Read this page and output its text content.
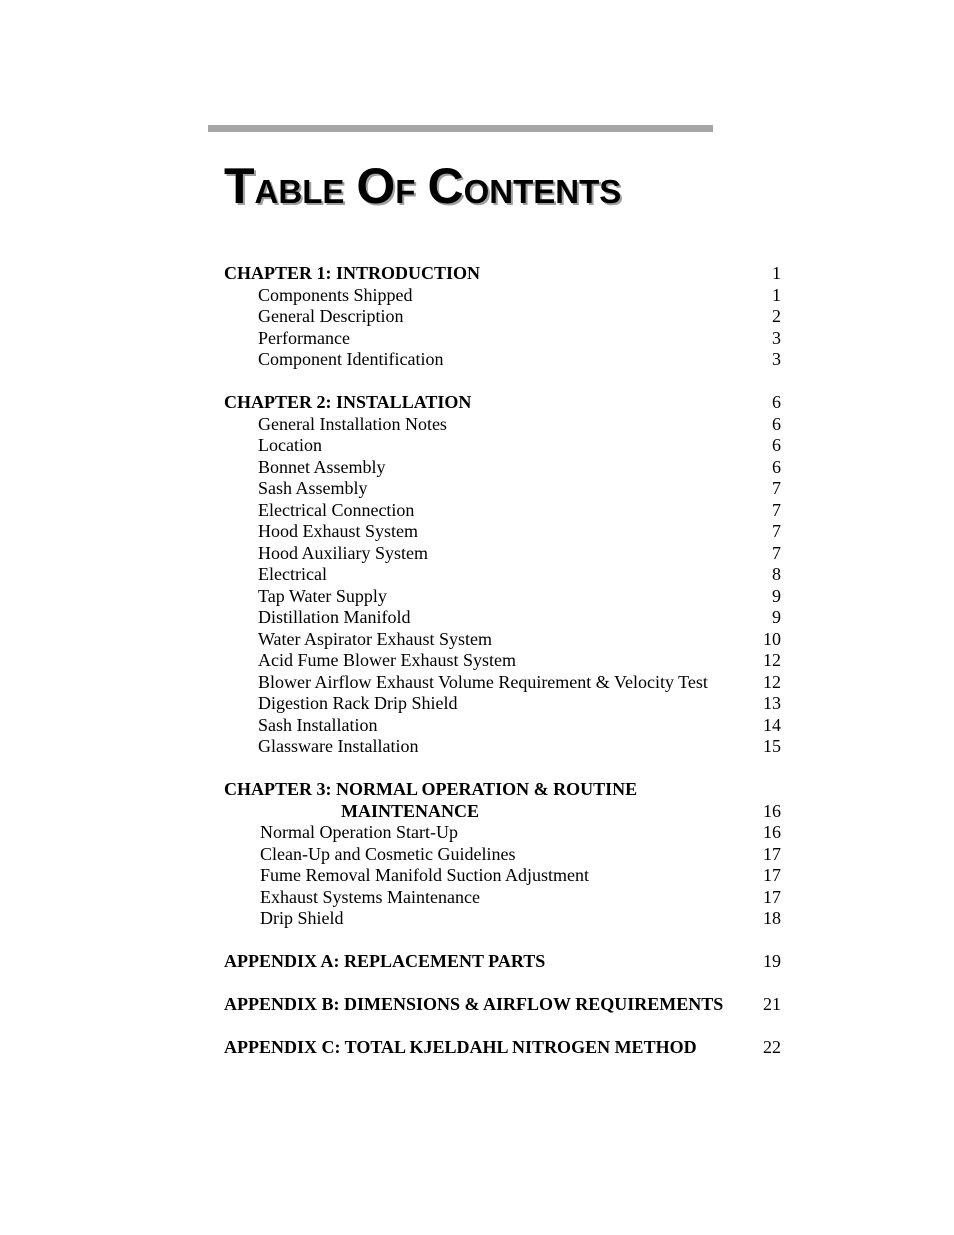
TABLE OF CONTENTS
CHAPTER 1: INTRODUCTION	1
Components Shipped	1
General Description	2
Performance	3
Component Identification	3
CHAPTER 2: INSTALLATION	6
General Installation Notes	6
Location	6
Bonnet Assembly	6
Sash Assembly	7
Electrical Connection	7
Hood Exhaust System	7
Hood Auxiliary System	7
Electrical	8
Tap Water Supply	9
Distillation Manifold	9
Water Aspirator Exhaust System	10
Acid Fume Blower Exhaust System	12
Blower Airflow Exhaust Volume Requirement & Velocity Test	12
Digestion Rack Drip Shield	13
Sash Installation	14
Glassware Installation	15
CHAPTER 3: NORMAL OPERATION & ROUTINE
MAINTENANCE	16
Normal Operation Start-Up	16
Clean-Up and Cosmetic Guidelines	17
Fume Removal Manifold Suction Adjustment	17
Exhaust Systems Maintenance	17
Drip Shield	18
APPENDIX A: REPLACEMENT PARTS	19
APPENDIX B: DIMENSIONS & AIRFLOW REQUIREMENTS 21
APPENDIX C: TOTAL KJELDAHL NITROGEN METHOD	22
